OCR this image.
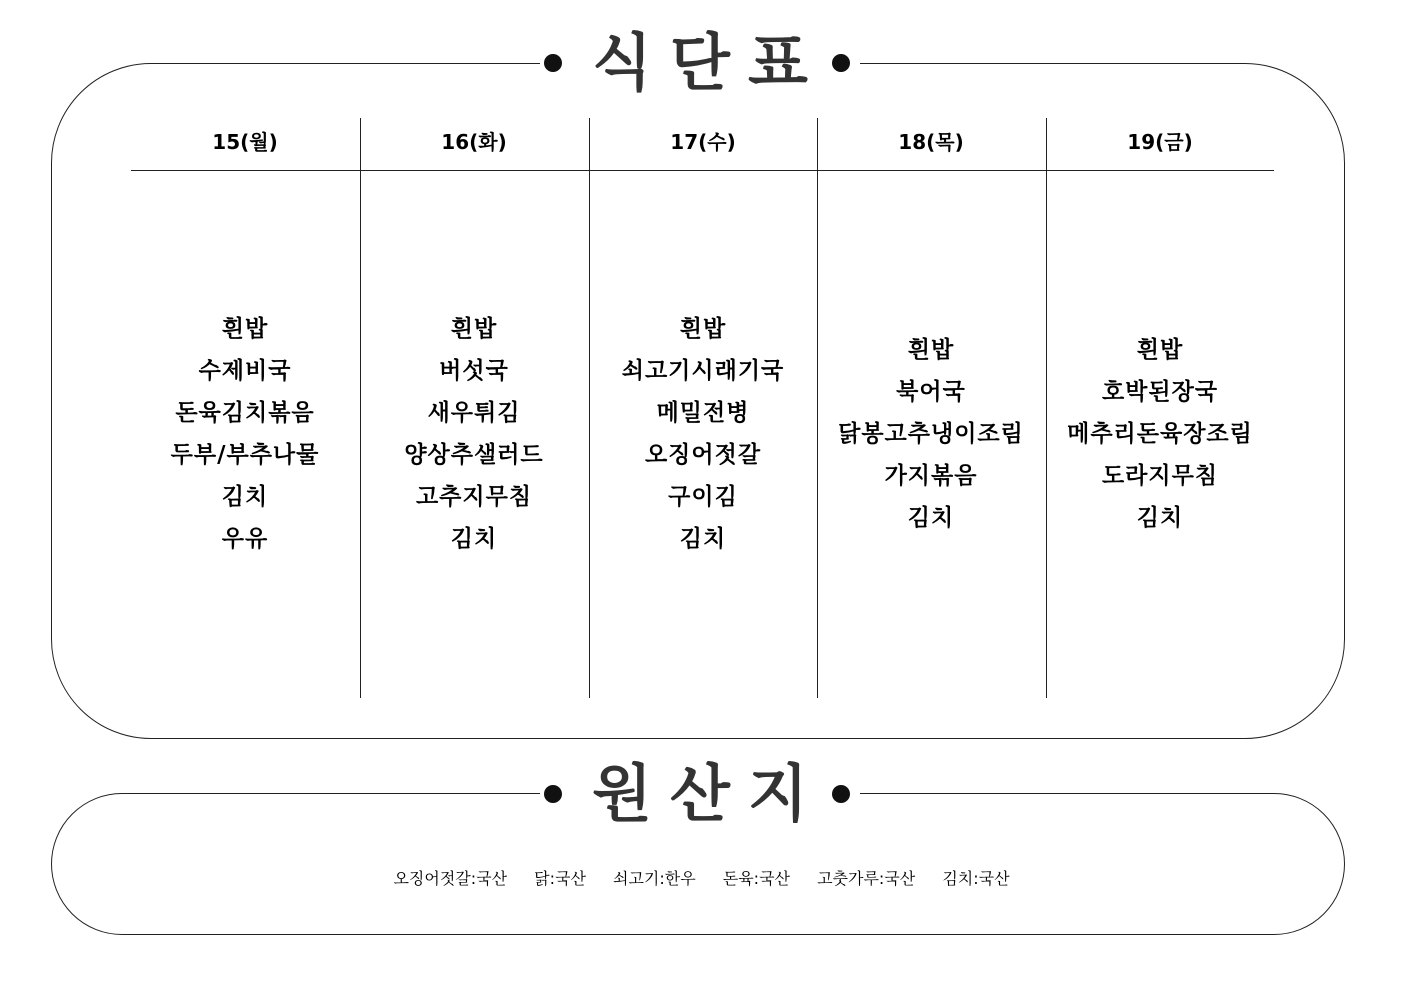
식단표
15(월)
흰밥
수제비국
돈육김치볶음
두부/부추나물
김치
우유
16(화)
흰밥
버섯국
새우튀김
양상추샐러드
고추지무침
김치
17(수)
흰밥
쇠고기시래기국
메밀전병
오징어젓갈
구이김
김치
18(목)
흰밥
북어국
닭봉고추냉이조림
가지볶음
김치
19(금)
흰밥
호박된장국
메추리돈육장조림
도라지무침
김치
원산지
오징어젓갈:국산 닭:국산 쇠고기:한우 돈육:국산 고춧가루:국산 김치:국산
